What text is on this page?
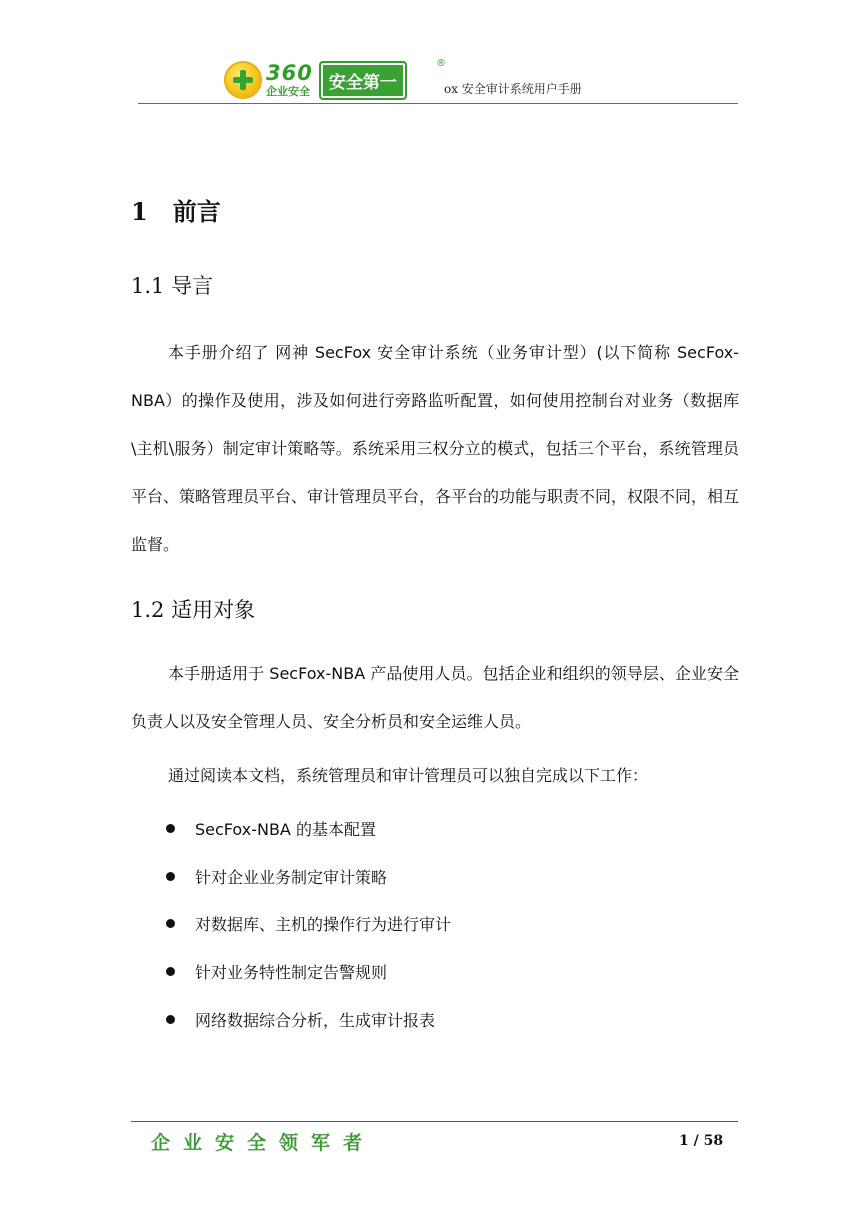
360
企业安全	安全第一
®
ox 安全审计系统用户手册
1   前言
1.1 导言
本手册介绍了 网神 SecFox 安全审计系统（业务审计型）(以下简称 SecFox-NBA）的操作及使用，涉及如何进行旁路监听配置，如何使用控制台对业务（数据库\主机\服务）制定审计策略等。系统采用三权分立的模式，包括三个平台，系统管理员平台、策略管理员平台、审计管理员平台，各平台的功能与职责不同，权限不同，相互监督。
1.2 适用对象
本手册适用于 SecFox-NBA 产品使用人员。包括企业和组织的领导层、企业安全负责人以及安全管理人员、安全分析员和安全运维人员。
通过阅读本文档，系统管理员和审计管理员可以独自完成以下工作：
SecFox-NBA 的基本配置
针对企业业务制定审计策略
对数据库、主机的操作行为进行审计
针对业务特性制定告警规则
网络数据综合分析，生成审计报表
企业安全领军者	1 / 58
